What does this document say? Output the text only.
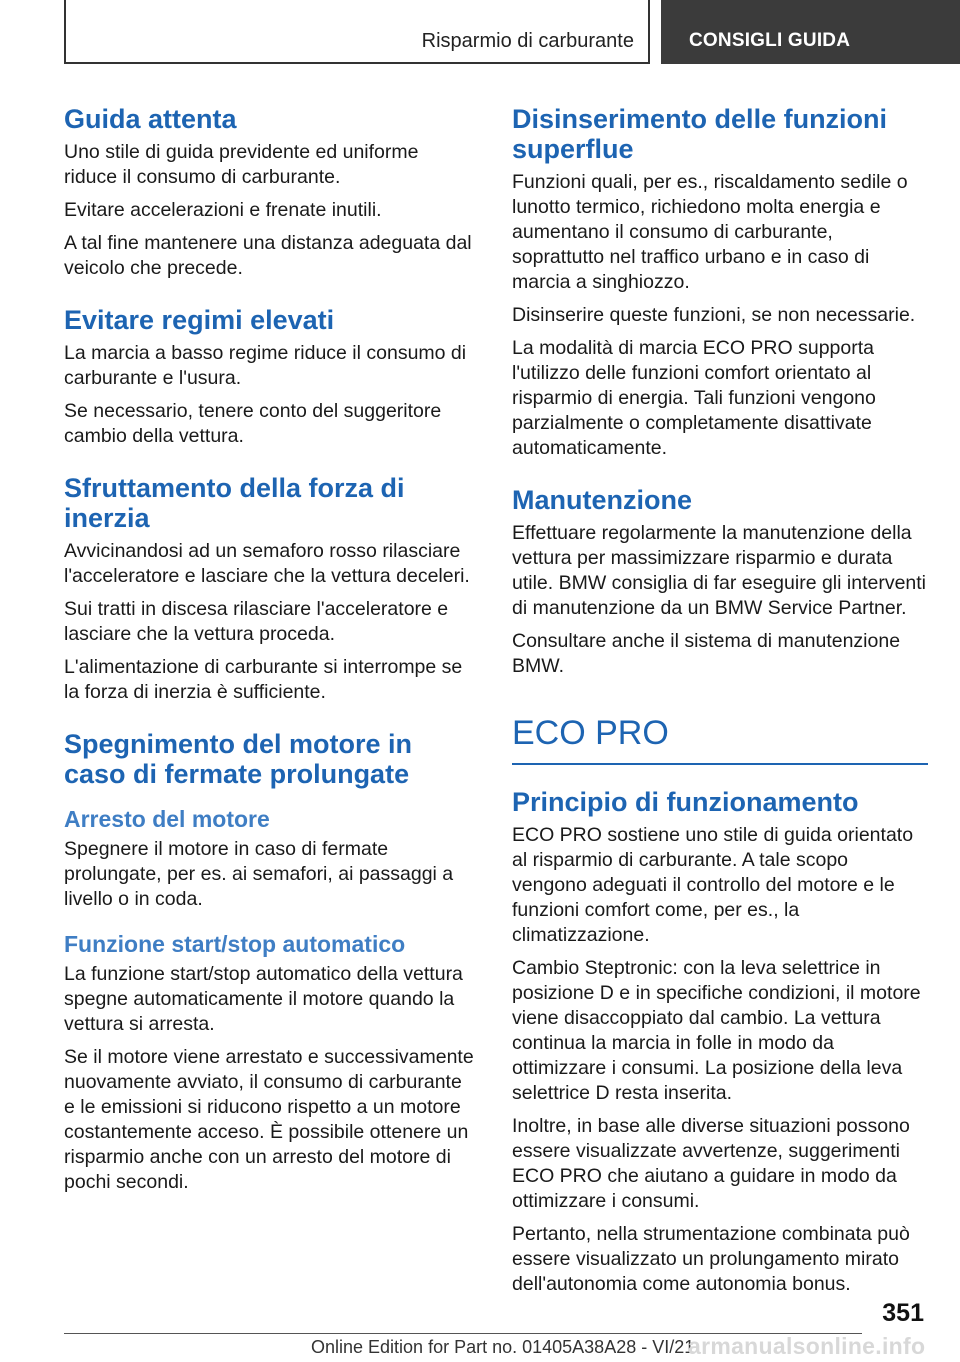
Risparmio di carburante	CONSIGLI GUIDA
Guida attenta

Uno stile di guida previdente ed uniforme riduce il consumo di carburante.

Evitare accelerazioni e frenate inutili.

A tal fine mantenere una distanza adeguata dal veicolo che precede.

Evitare regimi elevati

La marcia a basso regime riduce il consumo di carburante e l'usura.

Se necessario, tenere conto del suggeritore cambio della vettura.

Sfruttamento della forza di inerzia

Avvicinandosi ad un semaforo rosso rilasciare l'acceleratore e lasciare che la vettura deceleri.

Sui tratti in discesa rilasciare l'acceleratore e lasciare che la vettura proceda.

L'alimentazione di carburante si interrompe se la forza di inerzia è sufficiente.

Spegnimento del motore in caso di fermate prolungate
Arresto del motore

Spegnere il motore in caso di fermate prolungate, per es. ai semafori, ai passaggi a livello o in coda.

Funzione start/stop automatico

La funzione start/stop automatico della vettura spegne automaticamente il motore quando la vettura si arresta.

Se il motore viene arrestato e successivamente nuovamente avviato, il consumo di carburante e le emissioni si riducono rispetto a un motore costantemente acceso. È possibile ottenere un risparmio anche con un arresto del motore di pochi secondi.

Disinserimento delle funzioni superflue

Funzioni quali, per es., riscaldamento sedile o lunotto termico, richiedono molta energia e aumentano il consumo di carburante, soprattutto nel traffico urbano e in caso di marcia a singhiozzo.

Disinserire queste funzioni, se non necessarie.

La modalità di marcia ECO PRO supporta l'utilizzo delle funzioni comfort orientato al risparmio di energia. Tali funzioni vengono parzialmente o completamente disattivate automaticamente.

Manutenzione

Effettuare regolarmente la manutenzione della vettura per massimizzare risparmio e durata utile. BMW consiglia di far eseguire gli interventi di manutenzione da un BMW Service Partner.

Consultare anche il sistema di manutenzione BMW.

ECO PRO
Principio di funzionamento

ECO PRO sostiene uno stile di guida orientato al risparmio di carburante. A tale scopo vengono adeguati il controllo del motore e le funzioni comfort come, per es., la climatizzazione.

Cambio Steptronic: con la leva selettrice in posizione D e in specifiche condizioni, il motore viene disaccoppiato dal cambio. La vettura continua la marcia in folle in modo da ottimizzare i consumi. La posizione della leva selettrice D resta inserita.

Inoltre, in base alle diverse situazioni possono essere visualizzate avvertenze, suggerimenti ECO PRO che aiutano a guidare in modo da ottimizzare i consumi.

Pertanto, nella strumentazione combinata può essere visualizzato un prolungamento mirato dell'autonomia come autonomia bonus.

351
Online Edition for Part no. 01405A38A28 - VI/21
armanualsonline.info
